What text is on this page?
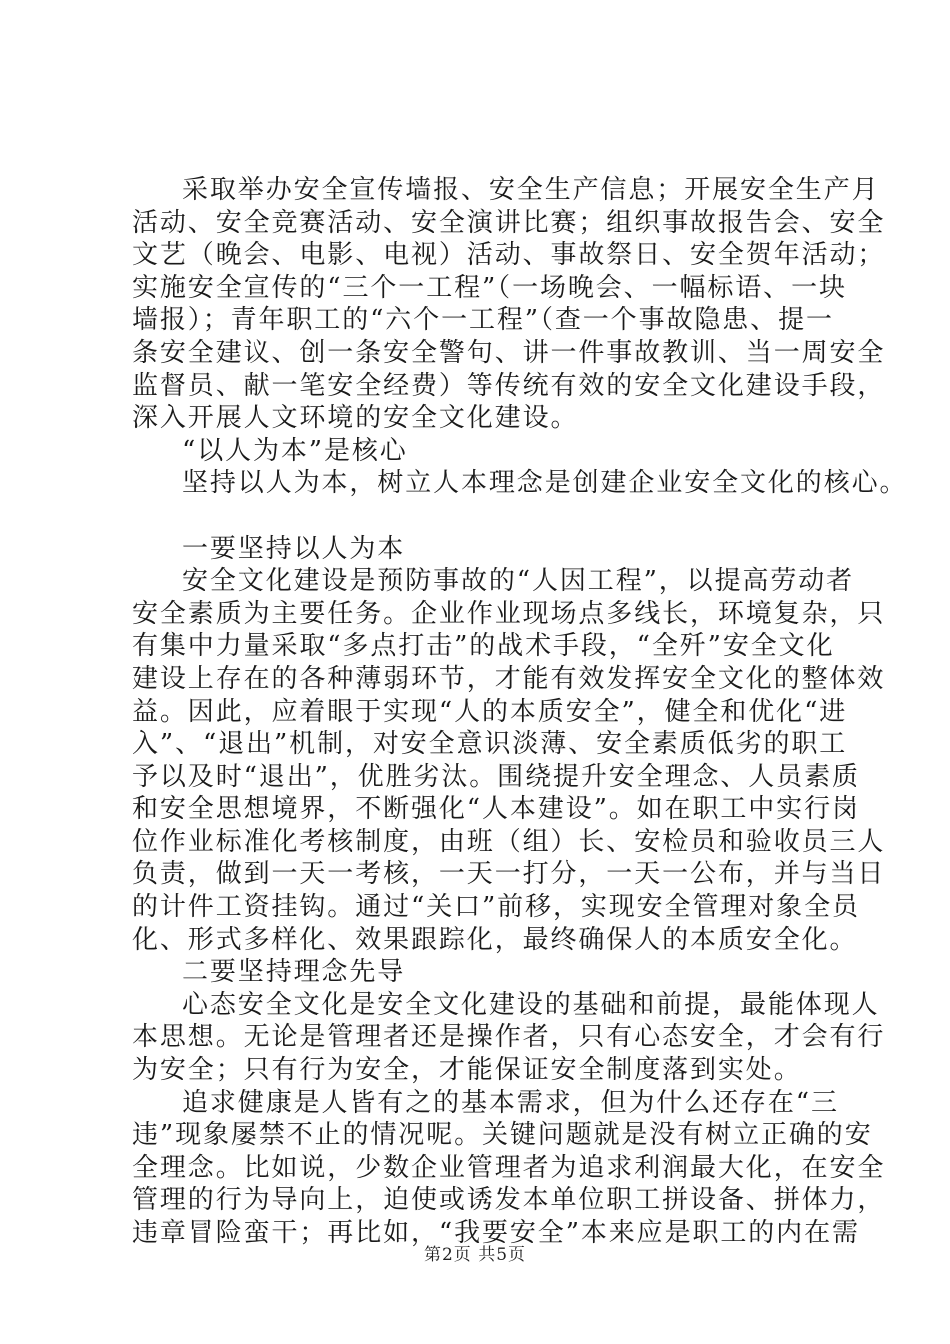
采取举办安全宣传墙报、安全生产信息；开展安全生产月
活动、安全竞赛活动、安全演讲比赛；组织事故报告会、安全
文艺（晚会、电影、电视）活动、事故祭日、安全贺年活动；
实施安全宣传的“三个一工程”（一场晚会、一幅标语、一块
墙报）；青年职工的“六个一工程”（查一个事故隐患、提一
条安全建议、创一条安全警句、讲一件事故教训、当一周安全
监督员、献一笔安全经费）等传统有效的安全文化建设手段，
深入开展人文环境的安全文化建设。
“以人为本”是核心
坚持以人为本，树立人本理念是创建企业安全文化的核心。
一要坚持以人为本
安全文化建设是预防事故的“人因工程”，以提高劳动者
安全素质为主要任务。企业作业现场点多线长，环境复杂，只
有集中力量采取“多点打击”的战术手段，“全歼”安全文化
建设上存在的各种薄弱环节，才能有效发挥安全文化的整体效
益。因此，应着眼于实现“人的本质安全”，健全和优化“进
入”、“退出”机制，对安全意识淡薄、安全素质低劣的职工
予以及时“退出”，优胜劣汰。围绕提升安全理念、人员素质
和安全思想境界，不断强化“人本建设”。如在职工中实行岗
位作业标准化考核制度，由班（组）长、安检员和验收员三人
负责，做到一天一考核，一天一打分，一天一公布，并与当日
的计件工资挂钩。通过“关口”前移，实现安全管理对象全员
化、形式多样化、效果跟踪化，最终确保人的本质安全化。
二要坚持理念先导
心态安全文化是安全文化建设的基础和前提，最能体现人
本思想。无论是管理者还是操作者，只有心态安全，才会有行
为安全；只有行为安全，才能保证安全制度落到实处。
追求健康是人皆有之的基本需求，但为什么还存在“三
违”现象屡禁不止的情况呢。关键问题就是没有树立正确的安
全理念。比如说，少数企业管理者为追求利润最大化，在安全
管理的行为导向上，迫使或诱发本单位职工拼设备、拼体力，
违章冒险蛮干；再比如，“我要安全”本来应是职工的内在需
第2页 共5页
